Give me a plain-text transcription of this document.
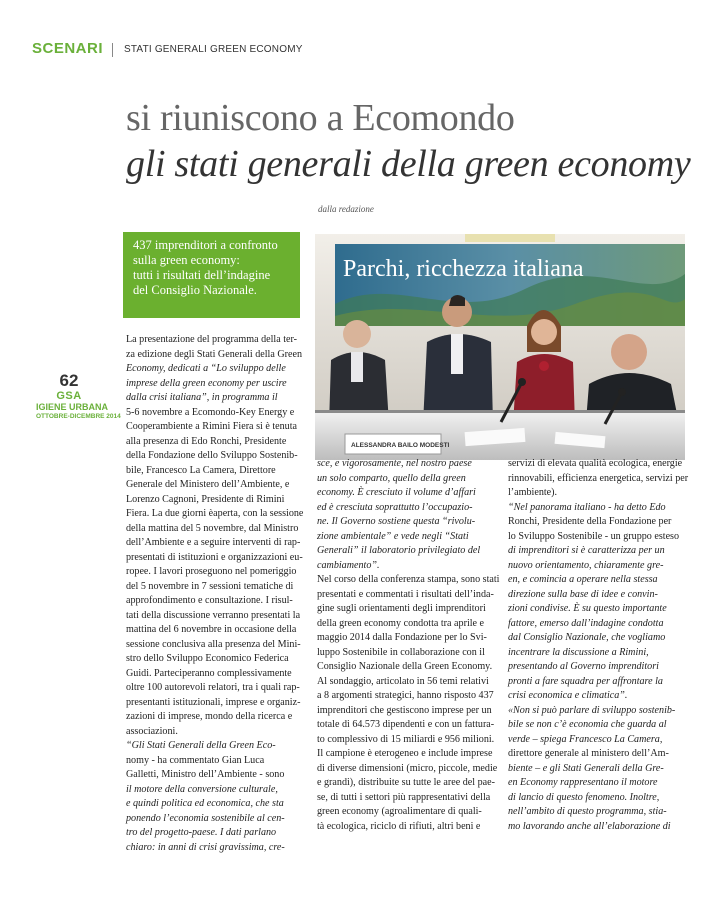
SCENARI STATI GENERALI GREEN ECONOMY
si riuniscono a Ecomondo
gli stati generali della green economy
dalla redazione
437 imprenditori a confronto
sulla green economy:
tutti i risultati dell’indagine
del Consiglio Nazionale.
Parchi, ricchezza italiana
ALESSANDRA BAILO MODESTI
62
GSA
IGIENE URBANA
OTTOBRE-DICEMBRE 2014
La presentazione del programma della ter-
za edizione degli Stati Generali della Green
Economy, dedicati a “Lo sviluppo delle
imprese della green economy per uscire
dalla crisi italiana”, in programma il
5-6 novembre a Ecomondo-Key Energy e
Cooperambiente a Rimini Fiera si è tenuta
alla presenza di Edo Ronchi, Presidente
della Fondazione dello Sviluppo Sostenib-
bile, Francesco La Camera, Direttore
Generale del Ministero dell’Ambiente, e
Lorenzo Cagnoni, Presidente di Rimini
Fiera. La due giorni èaperta, con la sessione
della mattina del 5 novembre, dal Ministro
dell’Ambiente e a seguire interventi di rap-
presentati di istituzioni e organizzazioni eu-
ropee. I lavori proseguono nel pomeriggio
del 5 novembre in 7 sessioni tematiche di
approfondimento e consultazione. I risul-
tati della discussione verranno presentati la
mattina del 6 novembre in occasione della
sessione conclusiva alla presenza del Mini-
stro dello Sviluppo Economico Federica
Guidi. Parteciperanno complessivamente
oltre 100 autorevoli relatori, tra i quali rap-
presentanti istituzionali, imprese e organiz-
zazioni di imprese, mondo della ricerca e
associazioni.
“Gli Stati Generali della Green Eco-
nomy - ha commentato Gian Luca
Galletti, Ministro dell’Ambiente - sono
il motore della conversione culturale,
e quindi politica ed economica, che sta
ponendo l’economia sostenibile al cen-
tro del progetto-paese. I dati parlano
chiaro: in anni di crisi gravissima, cre-
sce, e vigorosamente, nel nostro paese
un solo comparto, quello della green
economy. È cresciuto il volume d’affari
ed è cresciuta soprattutto l’occupazio-
ne. Il Governo sostiene questa “rivolu-
zione ambientale” e vede negli “Stati
Generali” il laboratorio privilegiato del
cambiamento”.
Nel corso della conferenza stampa, sono stati
presentati e commentati i risultati dell’inda-
gine sugli orientamenti degli imprenditori
della green economy condotta tra aprile e
maggio 2014 dalla Fondazione per lo Svi-
luppo Sostenibile in collaborazione con il
Consiglio Nazionale della Green Economy.
Al sondaggio, articolato in 56 temi relativi
a 8 argomenti strategici, hanno risposto 437
imprenditori che gestiscono imprese per un
totale di 64.573 dipendenti e con un fattura-
to complessivo di 15 miliardi e 956 milioni.
Il campione è eterogeneo e include imprese
di diverse dimensioni (micro, piccole, medie
e grandi), distribuite su tutte le aree del pae-
se, di tutti i settori più rappresentativi della
green economy (agroalimentare di quali-
tà ecologica, riciclo di rifiuti, altri beni e
servizi di elevata qualità ecologica, energie
rinnovabili, efficienza energetica, servizi per
l’ambiente).
“Nel panorama italiano - ha detto Edo
Ronchi, Presidente della Fondazione per
lo Sviluppo Sostenibile - un gruppo esteso
di imprenditori si è caratterizza per un
nuovo orientamento, chiaramente gre-
en, e comincia a operare nella stessa
direzione sulla base di idee e convin-
zioni condivise. È su questo importante
fattore, emerso dall’indagine condotta
dal Consiglio Nazionale, che vogliamo
incentrare la discussione a Rimini,
presentando al Governo imprenditori
pronti a fare squadra per affrontare la
crisi economica e climatica”.
«Non si può parlare di sviluppo sostenib-
bile se non c’è economia che guarda al
verde – spiega Francesco La Camera,
direttore generale al ministero dell’Am-
biente – e gli Stati Generali della Gre-
en Economy rappresentano il motore
di lancio di questo fenomeno. Inoltre,
nell’ambito di questo programma, stia-
mo lavorando anche all’elaborazione di
